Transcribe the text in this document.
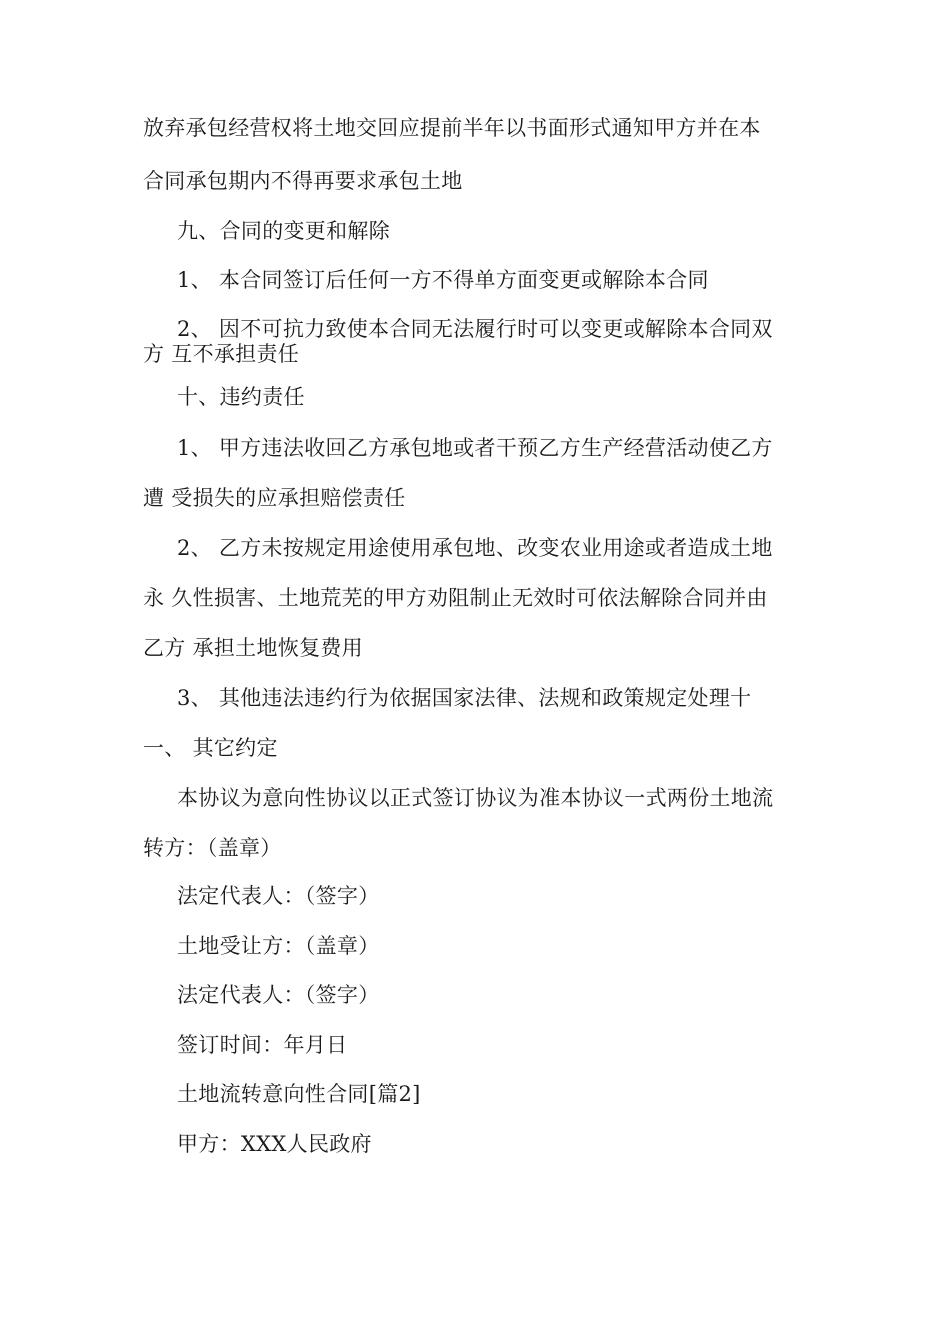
放弃承包经营权将土地交回应提前半年以书面形式通知甲方并在本
合同承包期内不得再要求承包土地
九、合同的变更和解除
1、 本合同签订后任何一方不得单方面变更或解除本合同
2、 因不可抗力致使本合同无法履行时可以变更或解除本合同双
方 互不承担责任
十、违约责任
1、 甲方违法收回乙方承包地或者干预乙方生产经营活动使乙方
遭 受损失的应承担赔偿责任
2、 乙方未按规定用途使用承包地、改变农业用途或者造成土地
永 久性损害、土地荒芜的甲方劝阻制止无效时可依法解除合同并由
乙方 承担土地恢复费用
3、 其他违法违约行为依据国家法律、法规和政策规定处理十
一、 其它约定
本协议为意向性协议以正式签订协议为准本协议一式两份土地流
转方：（盖章）
法定代表人：（签字）
土地受让方：（盖章）
法定代表人：（签字）
签订时间：年月日
土地流转意向性合同[篇2]
甲方：XXX人民政府
